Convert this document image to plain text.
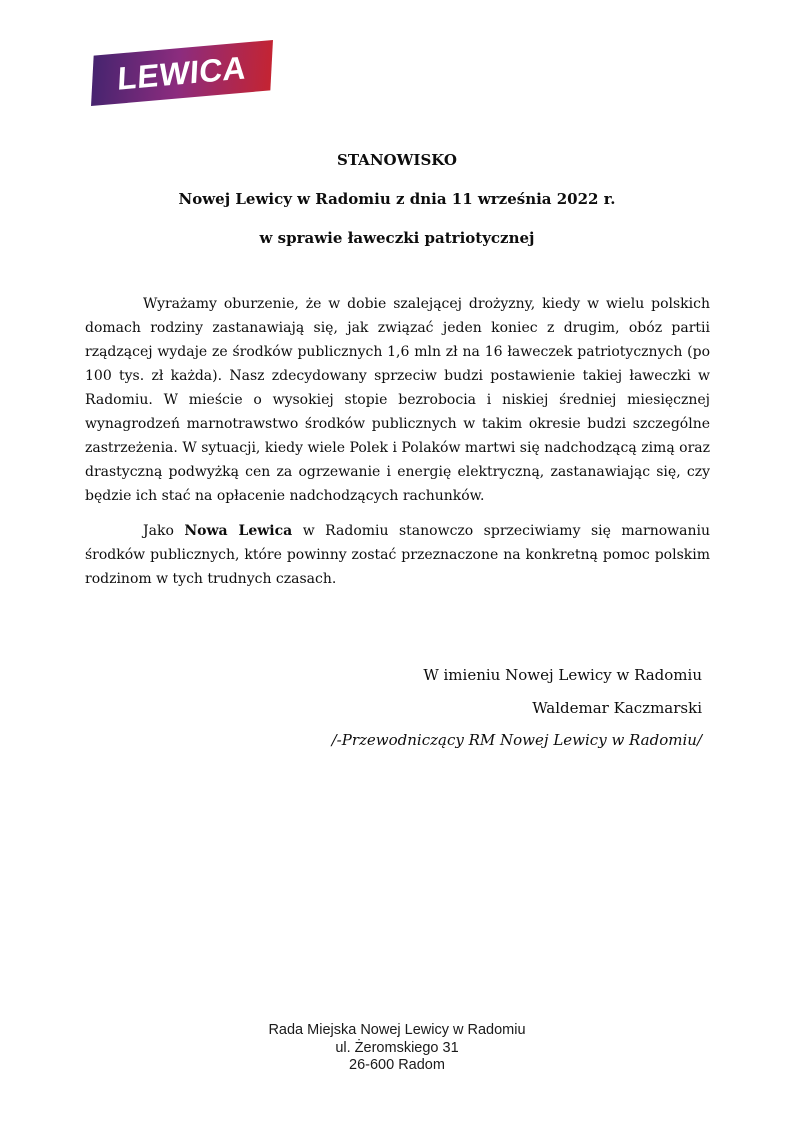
LEWICA
STANOWISKO
Nowej Lewicy w Radomiu z dnia 11 września 2022 r.
w sprawie ławeczki patriotycznej

Wyrażamy oburzenie, że w dobie szalejącej drożyzny, kiedy w wielu polskich domach rodziny zastanawiają się, jak związać jeden koniec z drugim, obóz partii rządzącej wydaje ze środków publicznych 1,6 mln zł na 16 ławeczek patriotycznych (po 100 tys. zł każda). Nasz zdecydowany sprzeciw budzi postawienie takiej ławeczki w Radomiu. W mieście o wysokiej stopie bezrobocia i niskiej średniej miesięcznej wynagrodzeń marnotrawstwo środków publicznych w takim okresie budzi szczególne zastrzeżenia. W sytuacji, kiedy wiele Polek i Polaków martwi się nadchodzącą zimą oraz drastyczną podwyżką cen za ogrzewanie i energię elektryczną, zastanawiając się, czy będzie ich stać na opłacenie nadchodzących rachunków.

Jako Nowa Lewica w Radomiu stanowczo sprzeciwiamy się marnowaniu środków publicznych, które powinny zostać przeznaczone na konkretną pomoc polskim rodzinom w tych trudnych czasach.

W imieniu Nowej Lewicy w Radomiu
Waldemar Kaczmarski
/-Przewodniczący RM Nowej Lewicy w Radomiu/
Rada Miejska Nowej Lewicy w Radomiu
ul. Żeromskiego 31
26-600 Radom
